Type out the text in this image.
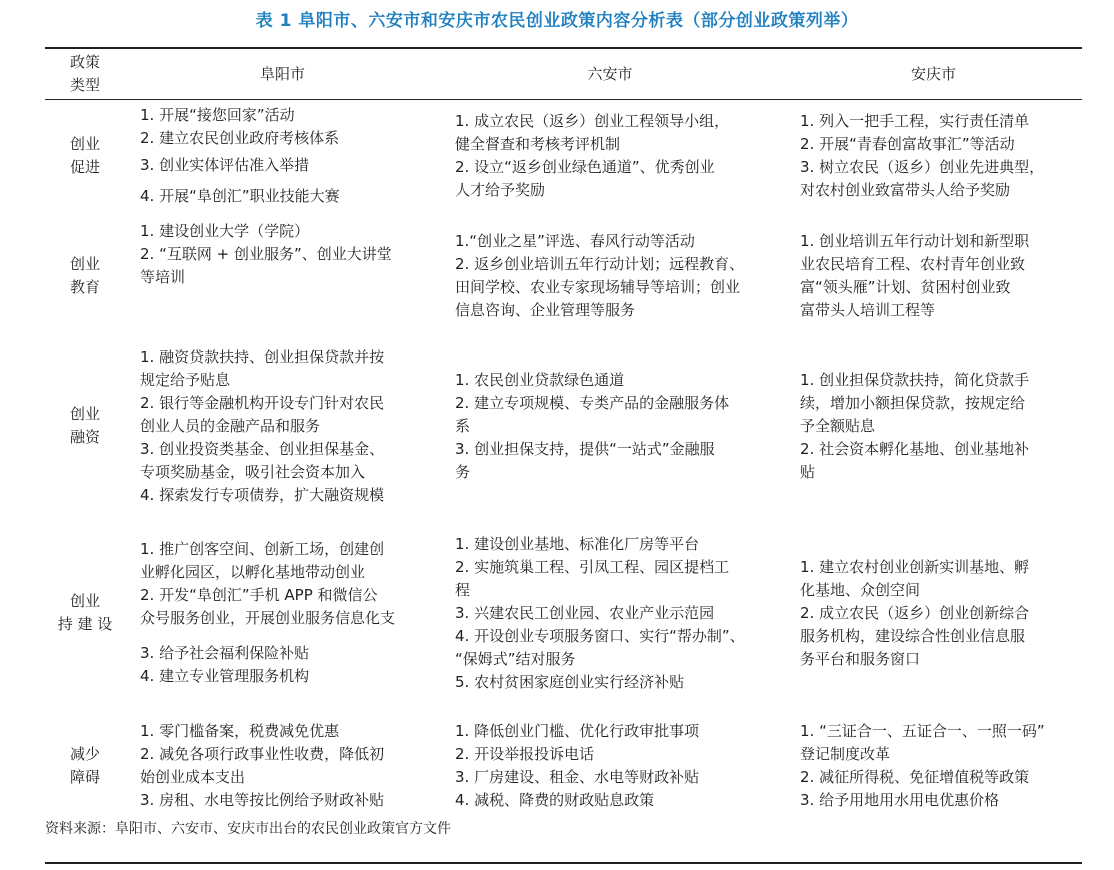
表 1 阜阳市、六安市和安庆市农民创业政策内容分析表（部分创业政策列举）
政策
类型
阜阳市	六安市	安庆市
创业
促进
1. 开展“接您回家”活动
2. 建立农民创业政府考核体系
3. 创业实体评估准入举措
4. 开展“阜创汇”职业技能大赛
1. 成立农民（返乡）创业工程领导小组，
健全督查和考核考评机制
2. 设立“返乡创业绿色通道”、优秀创业
人才给予奖励
1. 列入一把手工程，实行责任清单
2. 开展“青春创富故事汇”等活动
3. 树立农民（返乡）创业先进典型，
对农村创业致富带头人给予奖励
创业
教育
1. 建设创业大学（学院）
2. “互联网 + 创业服务”、创业大讲堂
等培训
1.“创业之星”评选、春风行动等活动
2. 返乡创业培训五年行动计划；远程教育、
田间学校、农业专家现场辅导等培训；创业
信息咨询、企业管理等服务
1. 创业培训五年行动计划和新型职
业农民培育工程、农村青年创业致
富“领头雁”计划、贫困村创业致
富带头人培训工程等
创业
融资
1. 融资贷款扶持、创业担保贷款并按
规定给予贴息
2. 银行等金融机构开设专门针对农民
创业人员的金融产品和服务
3. 创业投资类基金、创业担保基金、
专项奖励基金，吸引社会资本加入
4. 探索发行专项债券，扩大融资规模
1. 农民创业贷款绿色通道
2. 建立专项规模、专类产品的金融服务体
系
3. 创业担保支持，提供“一站式”金融服
务
1. 创业担保贷款扶持，简化贷款手
续，增加小额担保贷款，按规定给
予全额贴息
2. 社会资本孵化基地、创业基地补
贴
创业
持 建 设
1. 推广创客空间、创新工场，创建创
业孵化园区，以孵化基地带动创业
2. 开发“阜创汇”手机 APP 和微信公
众号服务创业，开展创业服务信息化支
3. 给予社会福利保险补贴
4. 建立专业管理服务机构
1. 建设创业基地、标准化厂房等平台
2. 实施筑巢工程、引凤工程、园区提档工
程
3. 兴建农民工创业园、农业产业示范园
4. 开设创业专项服务窗口、实行“帮办制”、
“保姆式”结对服务
5. 农村贫困家庭创业实行经济补贴
1. 建立农村创业创新实训基地、孵
化基地、众创空间
2. 成立农民（返乡）创业创新综合
服务机构，建设综合性创业信息服
务平台和服务窗口
减少
障碍
1. 零门槛备案，税费减免优惠
2. 减免各项行政事业性收费，降低初
始创业成本支出
3. 房租、水电等按比例给予财政补贴
1. 降低创业门槛、优化行政审批事项
2. 开设举报投诉电话
3. 厂房建设、租金、水电等财政补贴
4. 减税、降费的财政贴息政策
1. “三证合一、五证合一、一照一码”
登记制度改革
2. 减征所得税、免征增值税等政策
3. 给予用地用水用电优惠价格
资料来源：阜阳市、六安市、安庆市出台的农民创业政策官方文件
